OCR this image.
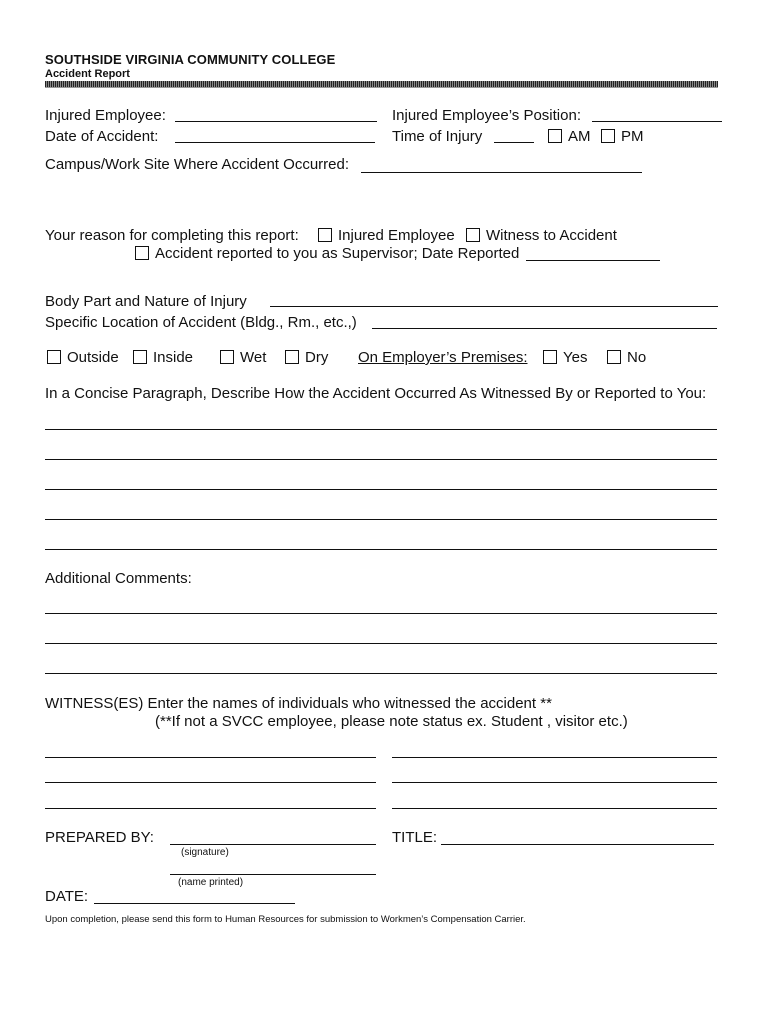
SOUTHSIDE VIRGINIA COMMUNITY COLLEGE
Accident Report
Injured Employee:	Injured Employee’s Position:
Date of Accident:	Time of Injury	AM PM
Campus/Work Site Where Accident Occurred:
Your reason for completing this report:	Injured Employee Witness to Accident
Accident reported to you as Supervisor; Date Reported
Body Part and Nature of Injury
Specific Location of Accident (Bldg., Rm., etc.,)
Outside Inside	Wet	Dry On Employer’s Premises: Yes	No
In a Concise Paragraph, Describe How the Accident Occurred As Witnessed By or Reported to You:
Additional Comments:
WITNESS(ES) Enter the names of individuals who witnessed the accident **
(**If not a SVCC employee, please note status ex. Student , visitor etc.)
PREPARED BY:
(signature)
TITLE:
(name printed)
DATE:
Upon completion, please send this form to Human Resources for submission to Workmen’s Compensation Carrier.
